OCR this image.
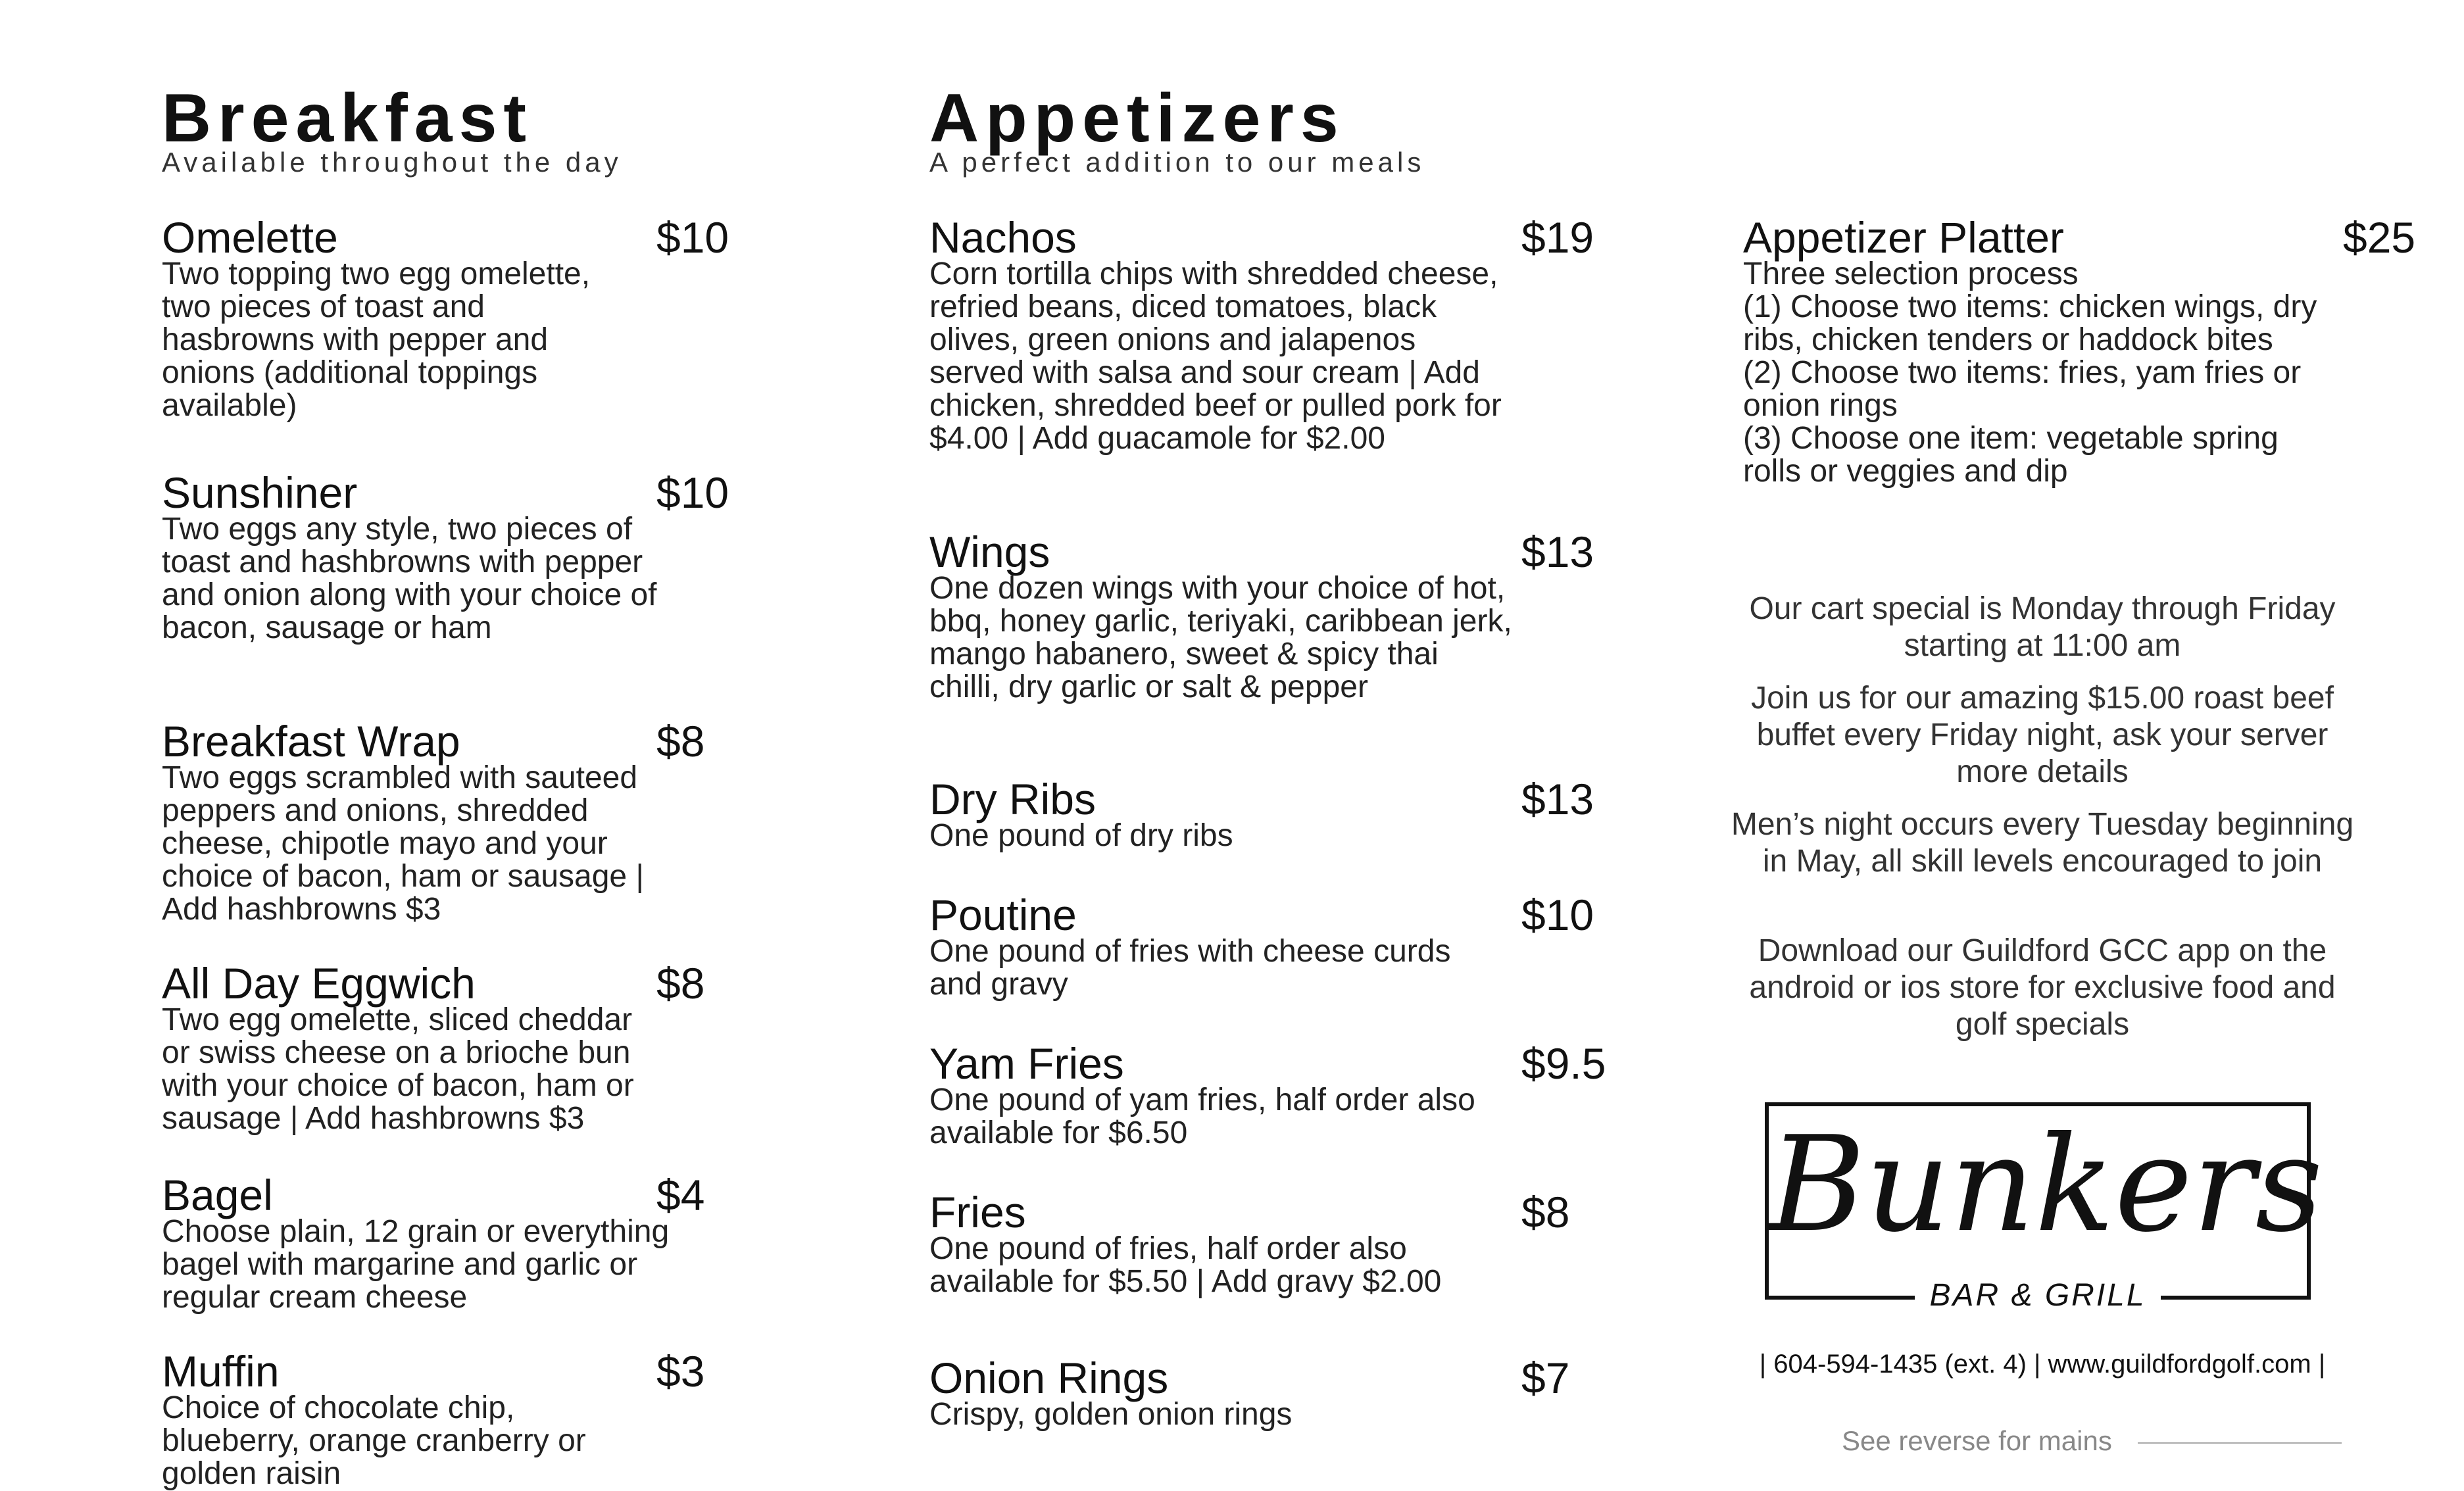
Breakfast
Available throughout the day
Omelette	$10
Two topping two egg omelette, two pieces of toast and hasbrowns with pepper and onions (additional toppings available)
Sunshiner	$10
Two eggs any style, two pieces of toast and hashbrowns with pepper and onion along with your choice of bacon, sausage or ham
Breakfast Wrap	$8
Two eggs scrambled with sauteed peppers and onions, shredded cheese, chipotle mayo and your choice of bacon, ham or sausage | Add hashbrowns $3
All Day Eggwich	$8
Two egg omelette, sliced cheddar or swiss cheese on a brioche bun with your choice of bacon, ham or sausage | Add hashbrowns $3
Bagel	$4
Choose plain, 12 grain or everything bagel with margarine and garlic or regular cream cheese
Muffin	$3
Choice of chocolate chip, blueberry, orange cranberry or golden raisin
Appetizers
A perfect addition to our meals
Nachos	$19
Corn tortilla chips with shredded cheese, refried beans, diced tomatoes, black olives, green onions and jalapenos served with salsa and sour cream | Add chicken, shredded beef or pulled pork for $4.00 | Add guacamole for $2.00
Wings	$13
One dozen wings with your choice of hot, bbq, honey garlic, teriyaki, caribbean jerk, mango habanero, sweet & spicy thai chilli, dry garlic or salt & pepper
Dry Ribs	$13
One pound of dry ribs
Poutine	$10
One pound of fries with cheese curds and gravy
Yam Fries	$9.5
One pound of yam fries, half order also available for $6.50
Fries	$8
One pound of fries, half order also available for $5.50 | Add gravy $2.00
Onion Rings	$7
Crispy, golden onion rings
Appetizer Platter	$25
Three selection process
(1) Choose two items: chicken wings, dry ribs, chicken tenders or haddock bites
(2) Choose two items: fries, yam fries or onion rings
(3) Choose one item: vegetable spring rolls or veggies and dip
Our cart special is Monday through Friday starting at 11:00 am
Join us for our amazing $15.00 roast beef buffet every Friday night, ask your server more details
Men’s night occurs every Tuesday beginning in May, all skill levels encouraged to join
Download our Guildford GCC app on the android or ios store for exclusive food and golf specials
Bunkers
BAR & GRILL
| 604-594-1435 (ext. 4) | www.guildfordgolf.com |
See reverse for mains
